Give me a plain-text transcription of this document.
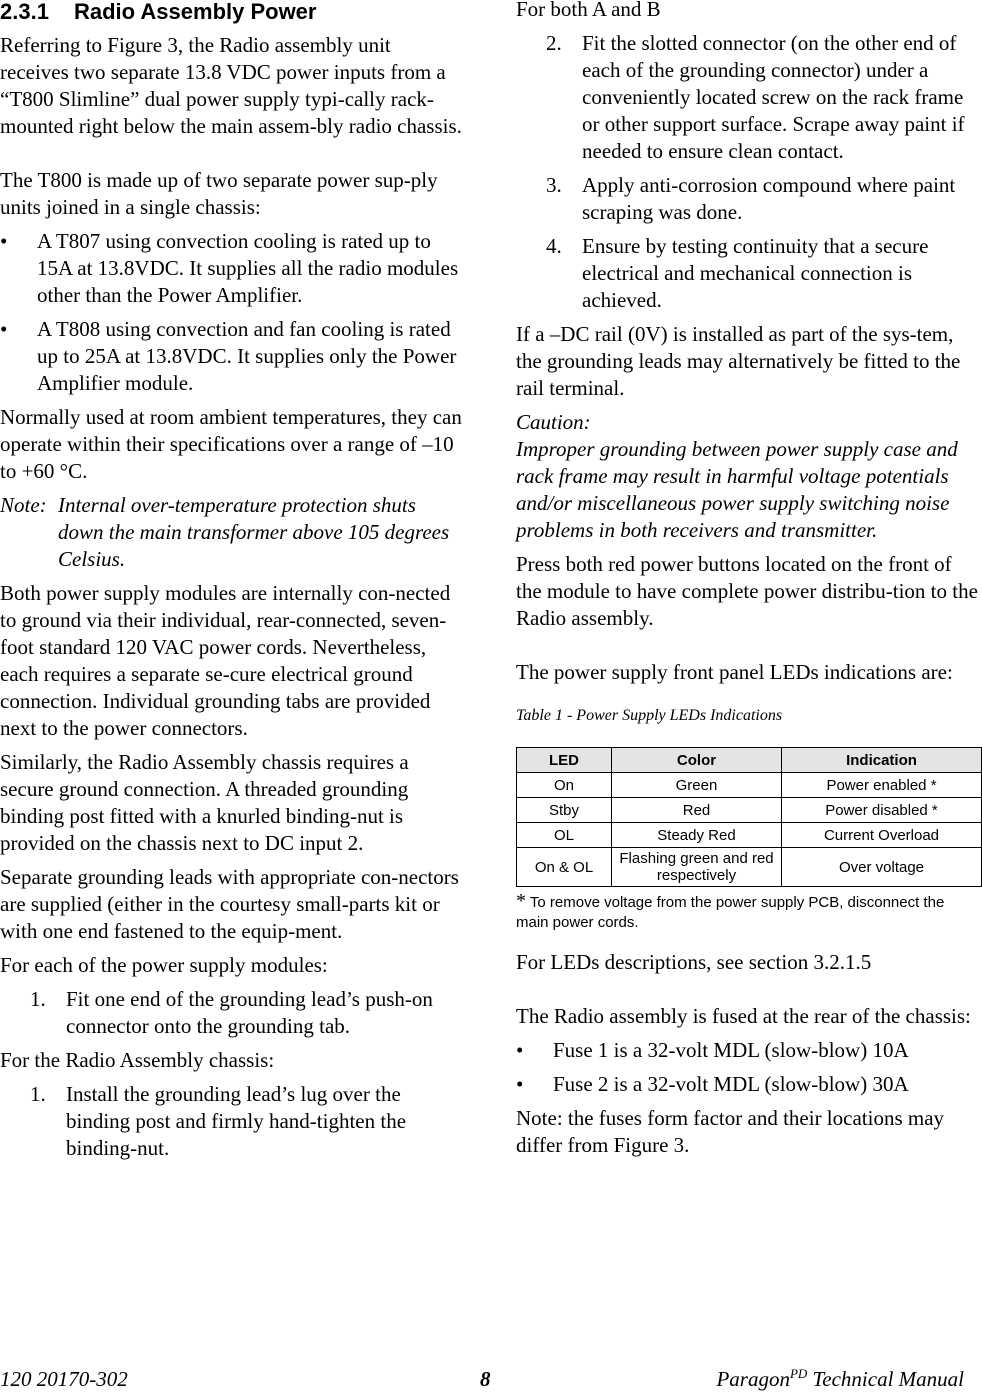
2.3.1 Radio Assembly Power

Referring to Figure 3, the Radio assembly unit receives two separate 13.8 VDC power inputs from a “T800 Slimline” dual power supply typi-cally rack-mounted right below the main assem-bly radio chassis.

The T800 is made up of two separate power sup-ply units joined in a single chassis:

• A T807 using convection cooling is rated up to 15A at 13.8VDC. It supplies all the radio modules other than the Power Amplifier.
• A T808 using convection and fan cooling is rated up to 25A at 13.8VDC. It supplies only the Power Amplifier module.

Normally used at room ambient temperatures, they can operate within their specifications over a range of –10 to +60 °C.

Note: Internal over-temperature protection shuts down the main transformer above 105 degrees Celsius.

Both power supply modules are internally con-nected to ground via their individual, rear-connected, seven-foot standard 120 VAC power cords. Nevertheless, each requires a separate se-cure electrical ground connection. Individual grounding tabs are provided next to the power connectors.

Similarly, the Radio Assembly chassis requires a secure ground connection. A threaded grounding binding post fitted with a knurled binding-nut is provided on the chassis next to DC input 2.

Separate grounding leads with appropriate con-nectors are supplied (either in the courtesy small-parts kit or with one end fastened to the equip-ment.

For each of the power supply modules:

1. Fit one end of the grounding lead’s push-on connector onto the grounding tab.

For the Radio Assembly chassis:

1. Install the grounding lead’s lug over the binding post and firmly hand-tighten the binding-nut.

For both A and B

2. Fit the slotted connector (on the other end of each of the grounding connector) under a conveniently located screw on the rack frame or other support surface. Scrape away paint if needed to ensure clean contact.
3. Apply anti-corrosion compound where paint scraping was done.
4. Ensure by testing continuity that a secure electrical and mechanical connection is achieved.

If a –DC rail (0V) is installed as part of the sys-tem, the grounding leads may alternatively be fitted to the rail terminal.

Caution:

Improper grounding between power supply case and rack frame may result in harmful voltage potentials and/or miscellaneous power supply switching noise problems in both receivers and transmitter.

Press both red power buttons located on the front of the module to have complete power distribu-tion to the Radio assembly.

The power supply front panel LEDs indications are:

Table 1 - Power Supply LEDs Indications
LED	Color	Indication
On	Green	Power enabled *
Stby	Red	Power disabled *
OL	Steady Red	Current Overload
On & OL	Flashing green and red respectively	Over voltage
* To remove voltage from the power supply PCB, disconnect the main power cords.

For LEDs descriptions, see section 3.2.1.5

The Radio assembly is fused at the rear of the chassis:

• Fuse 1 is a 32-volt MDL (slow-blow) 10A
• Fuse 2 is a 32-volt MDL (slow-blow) 30A

Note: the fuses form factor and their locations may differ from Figure 3.

120 20170-302	8	Paragon$^{PD}$ Technical Manual
